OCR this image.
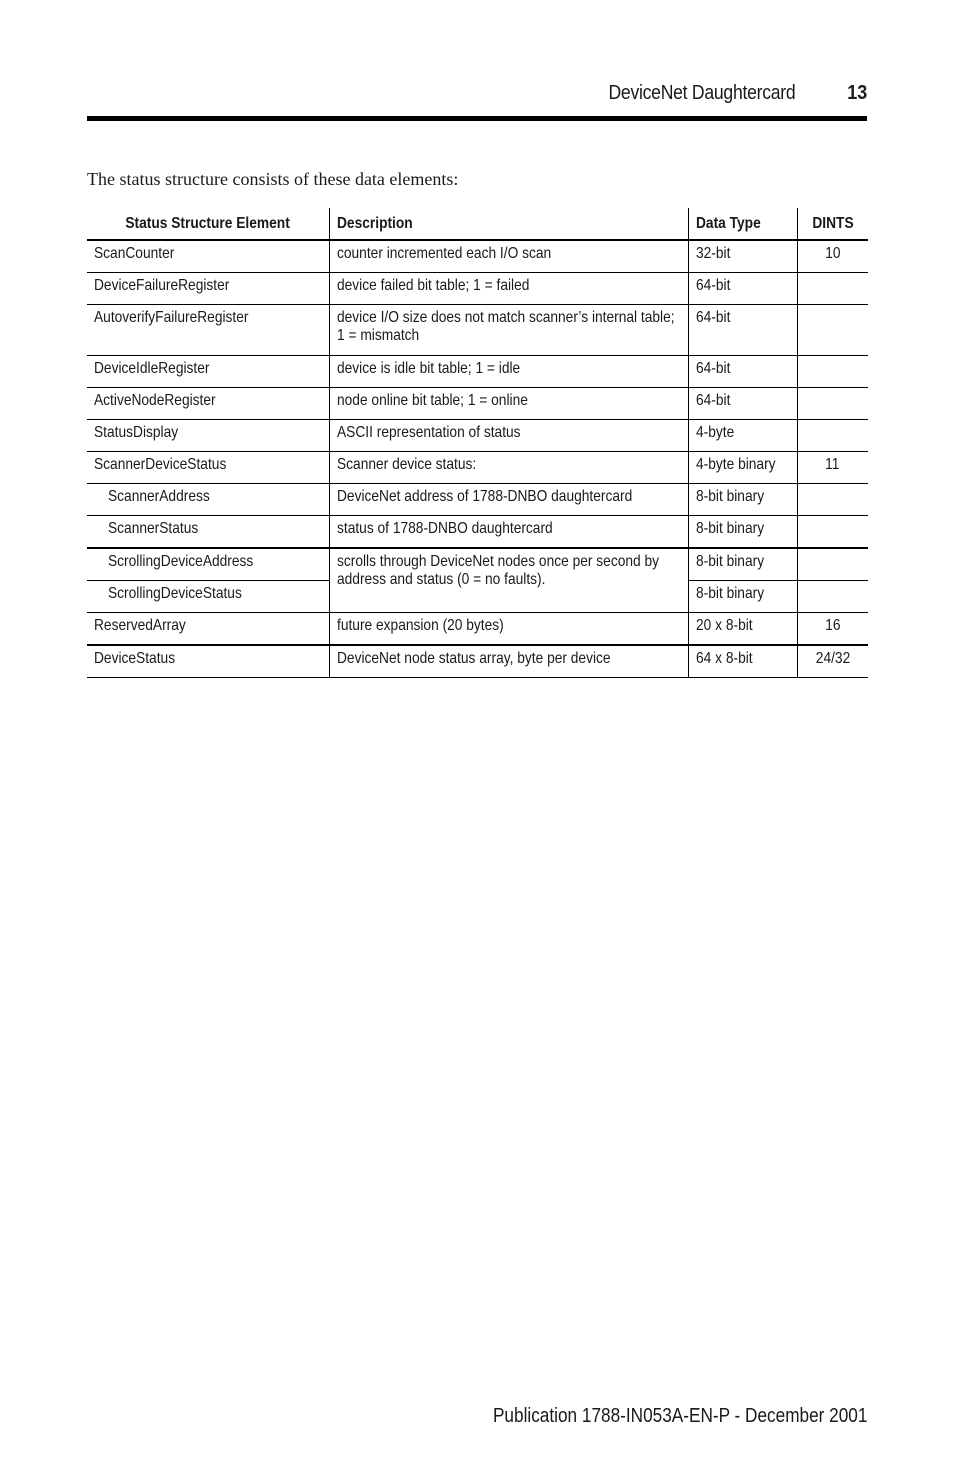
DeviceNet Daughtercard	13
The status structure consists of these data elements:
Status Structure Element	Description	Data Type	DINTS
ScanCounter	counter incremented each I/O scan	32-bit	10
DeviceFailureRegister	device failed bit table; 1 = failed	64-bit	
AutoverifyFailureRegister	device I/O size does not match scanner’s internal table; 1 = mismatch	64-bit	
DeviceIdleRegister	device is idle bit table; 1 = idle	64-bit	
ActiveNodeRegister	node online bit table; 1 = online	64-bit	
StatusDisplay	ASCII representation of status	4-byte	
ScannerDeviceStatus	Scanner device status:	4-byte binary	11
ScannerAddress	DeviceNet address of 1788-DNBO daughtercard	8-bit binary	
ScannerStatus	status of 1788-DNBO daughtercard	8-bit binary	
ScrollingDeviceAddress	scrolls through DeviceNet nodes once per second by address and status (0 = no faults).	8-bit binary	
ScrollingDeviceStatus		8-bit binary	
ReservedArray	future expansion (20 bytes)	20 x 8-bit	16
DeviceStatus	DeviceNet node status array, byte per device	64 x 8-bit	24/32
Publication 1788-IN053A-EN-P - December 2001
